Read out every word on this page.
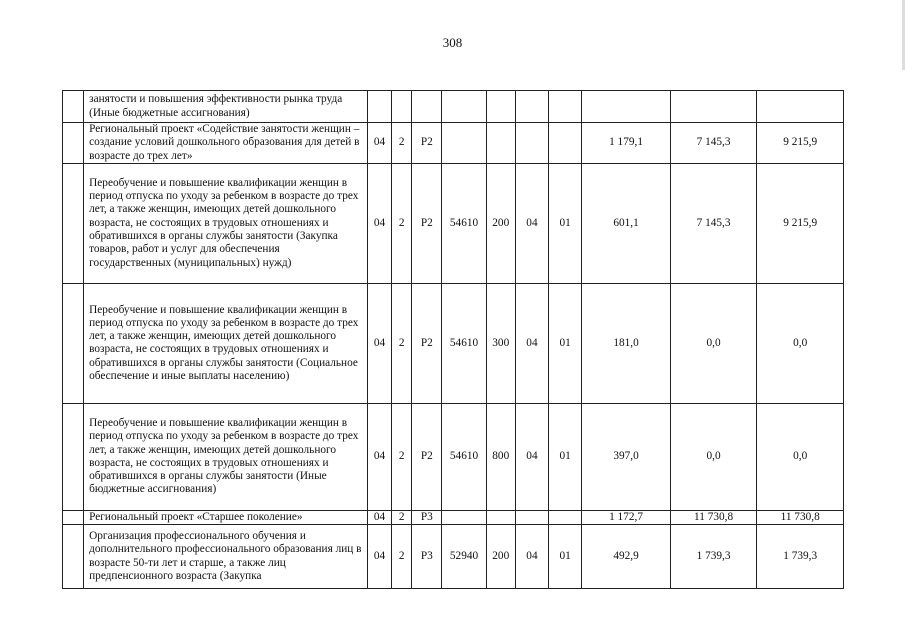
308
	занятости и повышения эффективности рынка труда (Иные бюджетные ассигнования)										
	Региональный проект «Содействие занятости женщин – создание условий дошкольного образования для детей в возрасте до трех лет»	04	2	Р2					1 179,1	7 145,3	9 215,9
	Переобучение и повышение квалификации женщин в период отпуска по уходу за ребенком в возрасте до трех лет, а также женщин, имеющих детей дошкольного возраста, не состоящих в трудовых отношениях и обратившихся в органы службы занятости (Закупка товаров, работ и услуг для обеспечения государственных (муниципальных) нужд)	04	2	Р2	54610	200	04	01	601,1	7 145,3	9 215,9
	Переобучение и повышение квалификации женщин в период отпуска по уходу за ребенком в возрасте до трех лет, а также женщин, имеющих детей дошкольного возраста, не состоящих в трудовых отношениях и обратившихся в органы службы занятости (Социальное обеспечение и иные выплаты населению)	04	2	Р2	54610	300	04	01	181,0	0,0	0,0
	Переобучение и повышение квалификации женщин в период отпуска по уходу за ребенком в возрасте до трех лет, а также женщин, имеющих детей дошкольного возраста, не состоящих в трудовых отношениях и обратившихся в органы службы занятости (Иные бюджетные ассигнования)	04	2	Р2	54610	800	04	01	397,0	0,0	0,0
	Региональный проект «Старшее поколение»	04	2	Р3					1 172,7	11 730,8	11 730,8
	Организация профессионального обучения и дополнительного профессионального образования лиц в возрасте 50-ти лет и старше, а также лиц предпенсионного возраста (Закупка	04	2	Р3	52940	200	04	01	492,9	1 739,3	1 739,3
